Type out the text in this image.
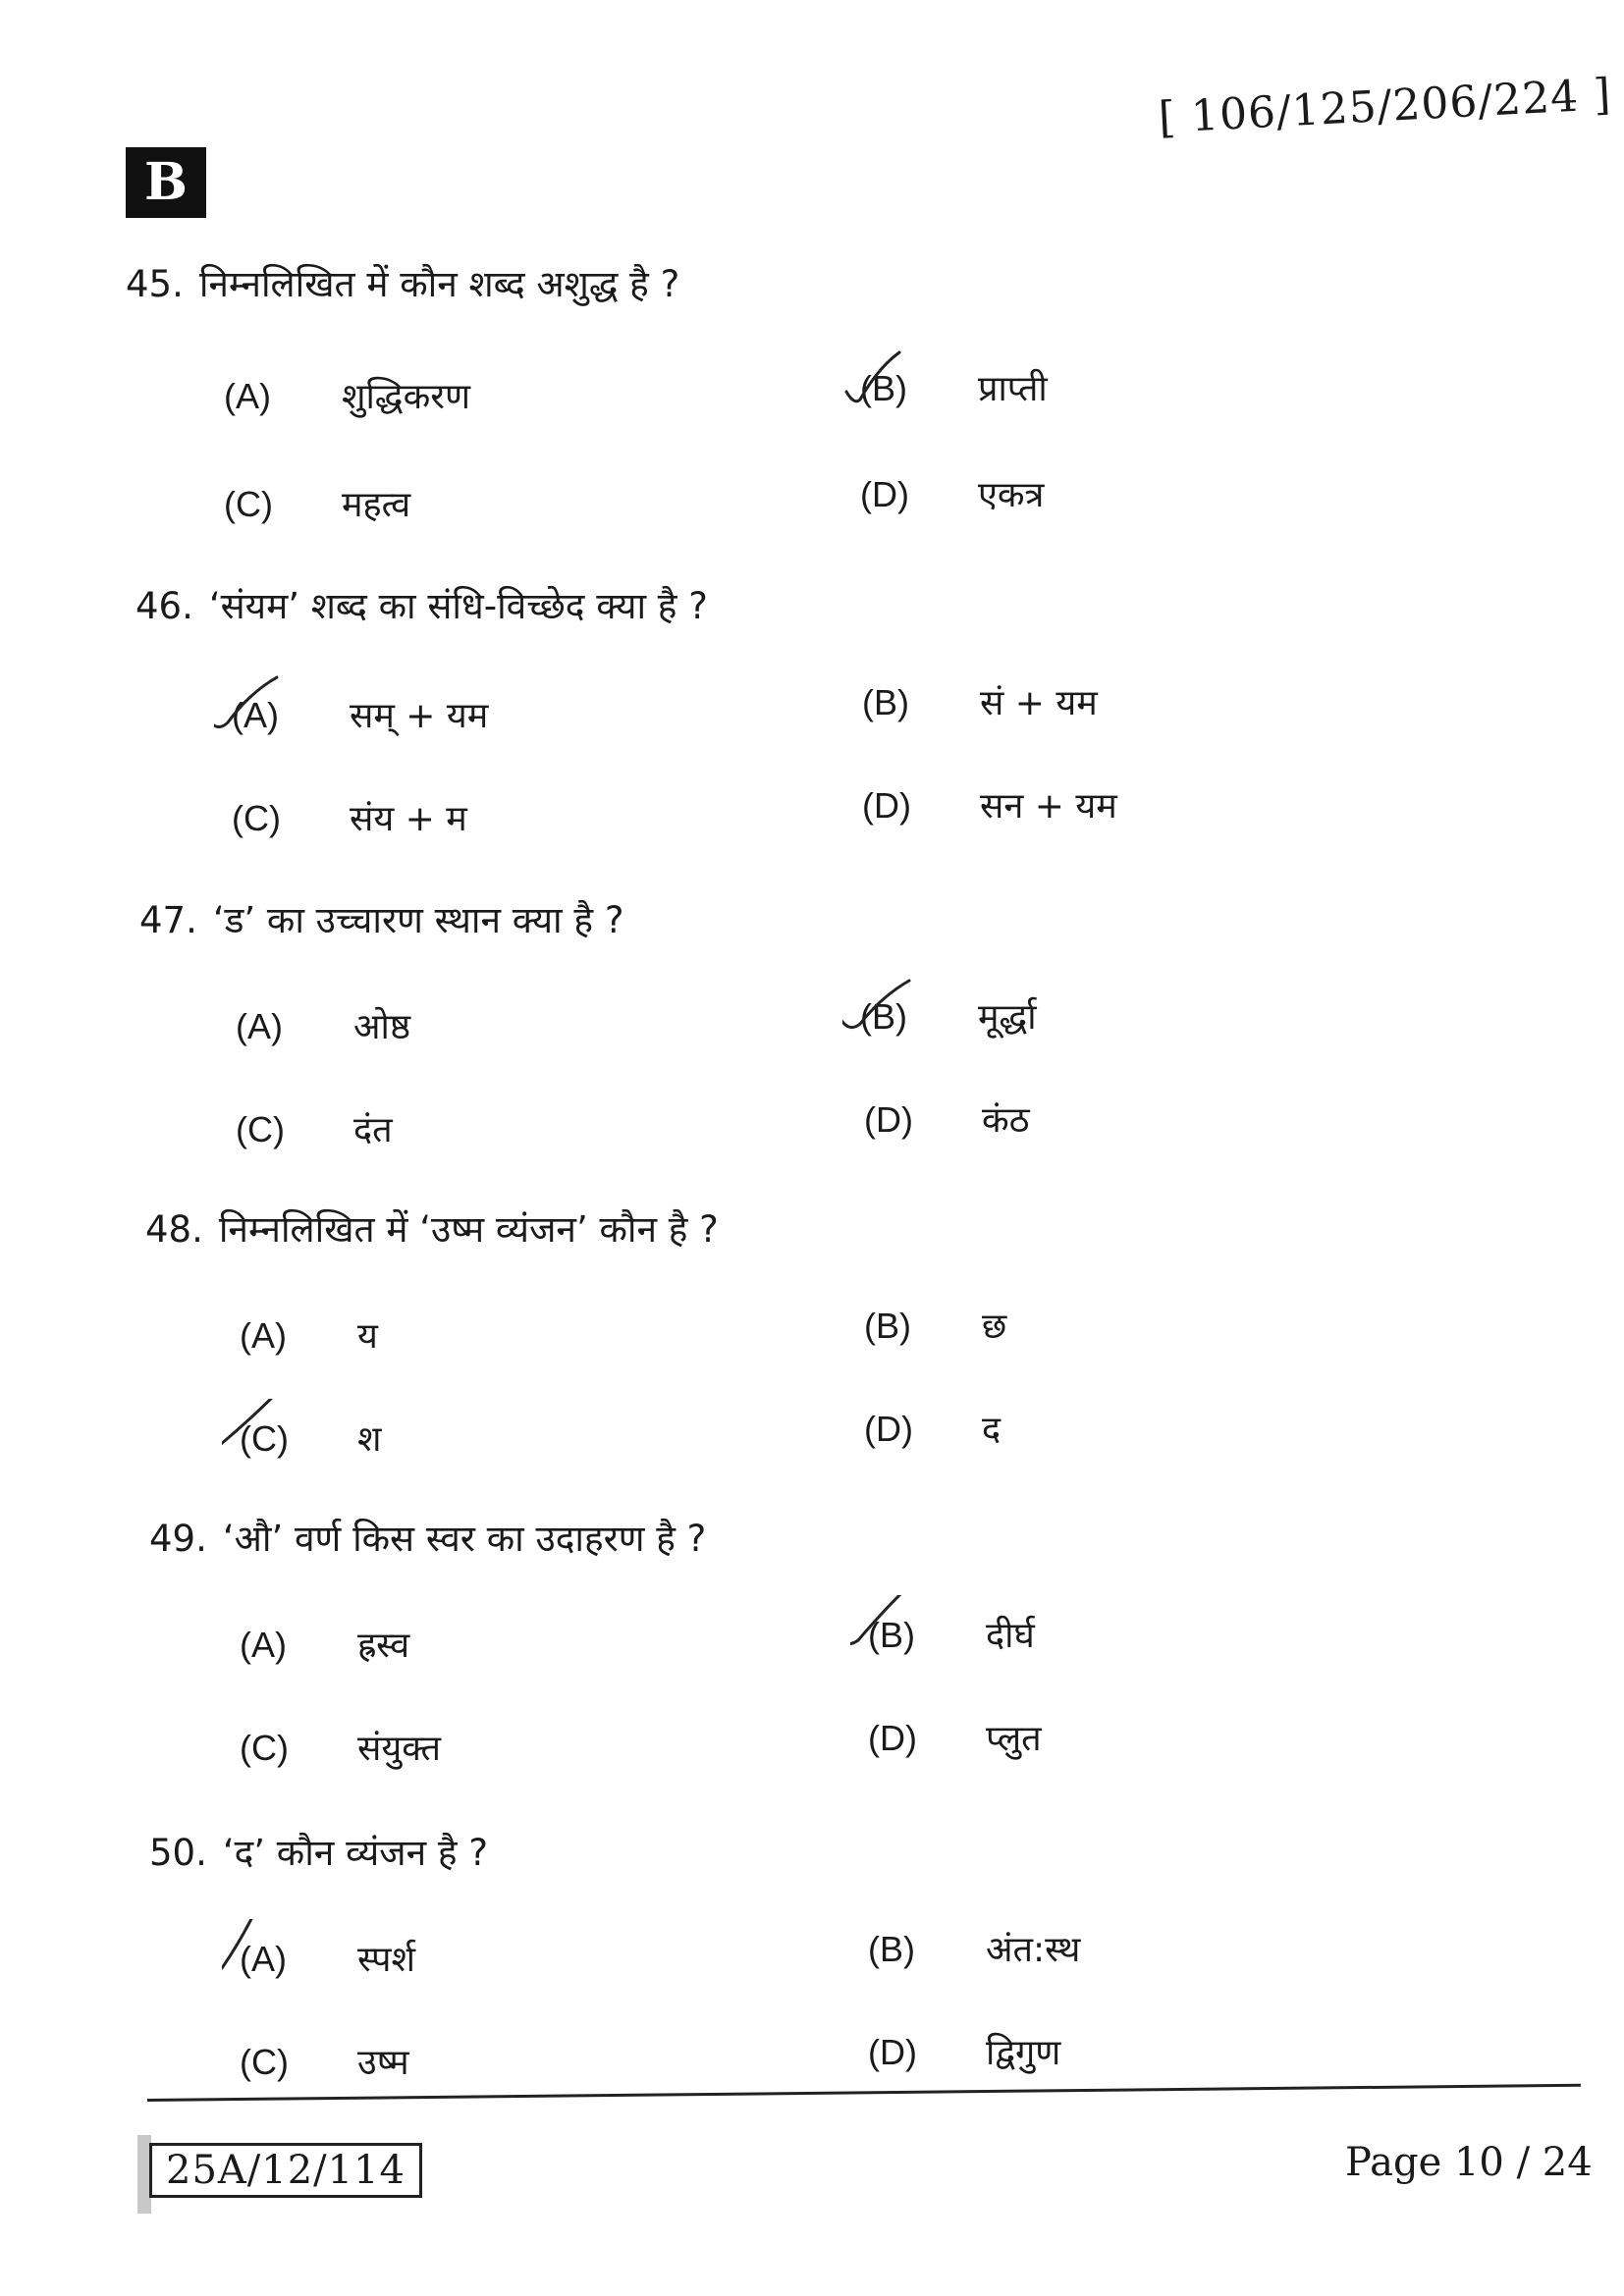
[ 106/125/206/224 ]
B
45. निम्नलिखित में कौन शब्द अशुद्ध है ?
(A) शुद्धिकरण	(B) प्राप्ती
(C) महत्व	(D) एकत्र
46. ‘संयम’ शब्द का संधि-विच्छेद क्या है ?
(A) सम् + यम	(B) सं + यम
(C) संय + म	(D) सन + यम
47. ‘ड’ का उच्चारण स्थान क्या है ?
(A) ओष्ठ	(B) मूर्द्धा
(C) दंत	(D) कंठ
48. निम्नलिखित में ‘उष्म व्यंजन’ कौन है ?
(A) य	(B) छ
(C) श	(D) द
49. ‘औ’ वर्ण किस स्वर का उदाहरण है ?
(A) ह्रस्व	(B) दीर्घ
(C) संयुक्त	(D) प्लुत
50. ‘द’ कौन व्यंजन है ?
(A) स्पर्श	(B) अंत:स्थ
(C) उष्म	(D) द्विगुण
25A/12/114	Page 10 / 24
